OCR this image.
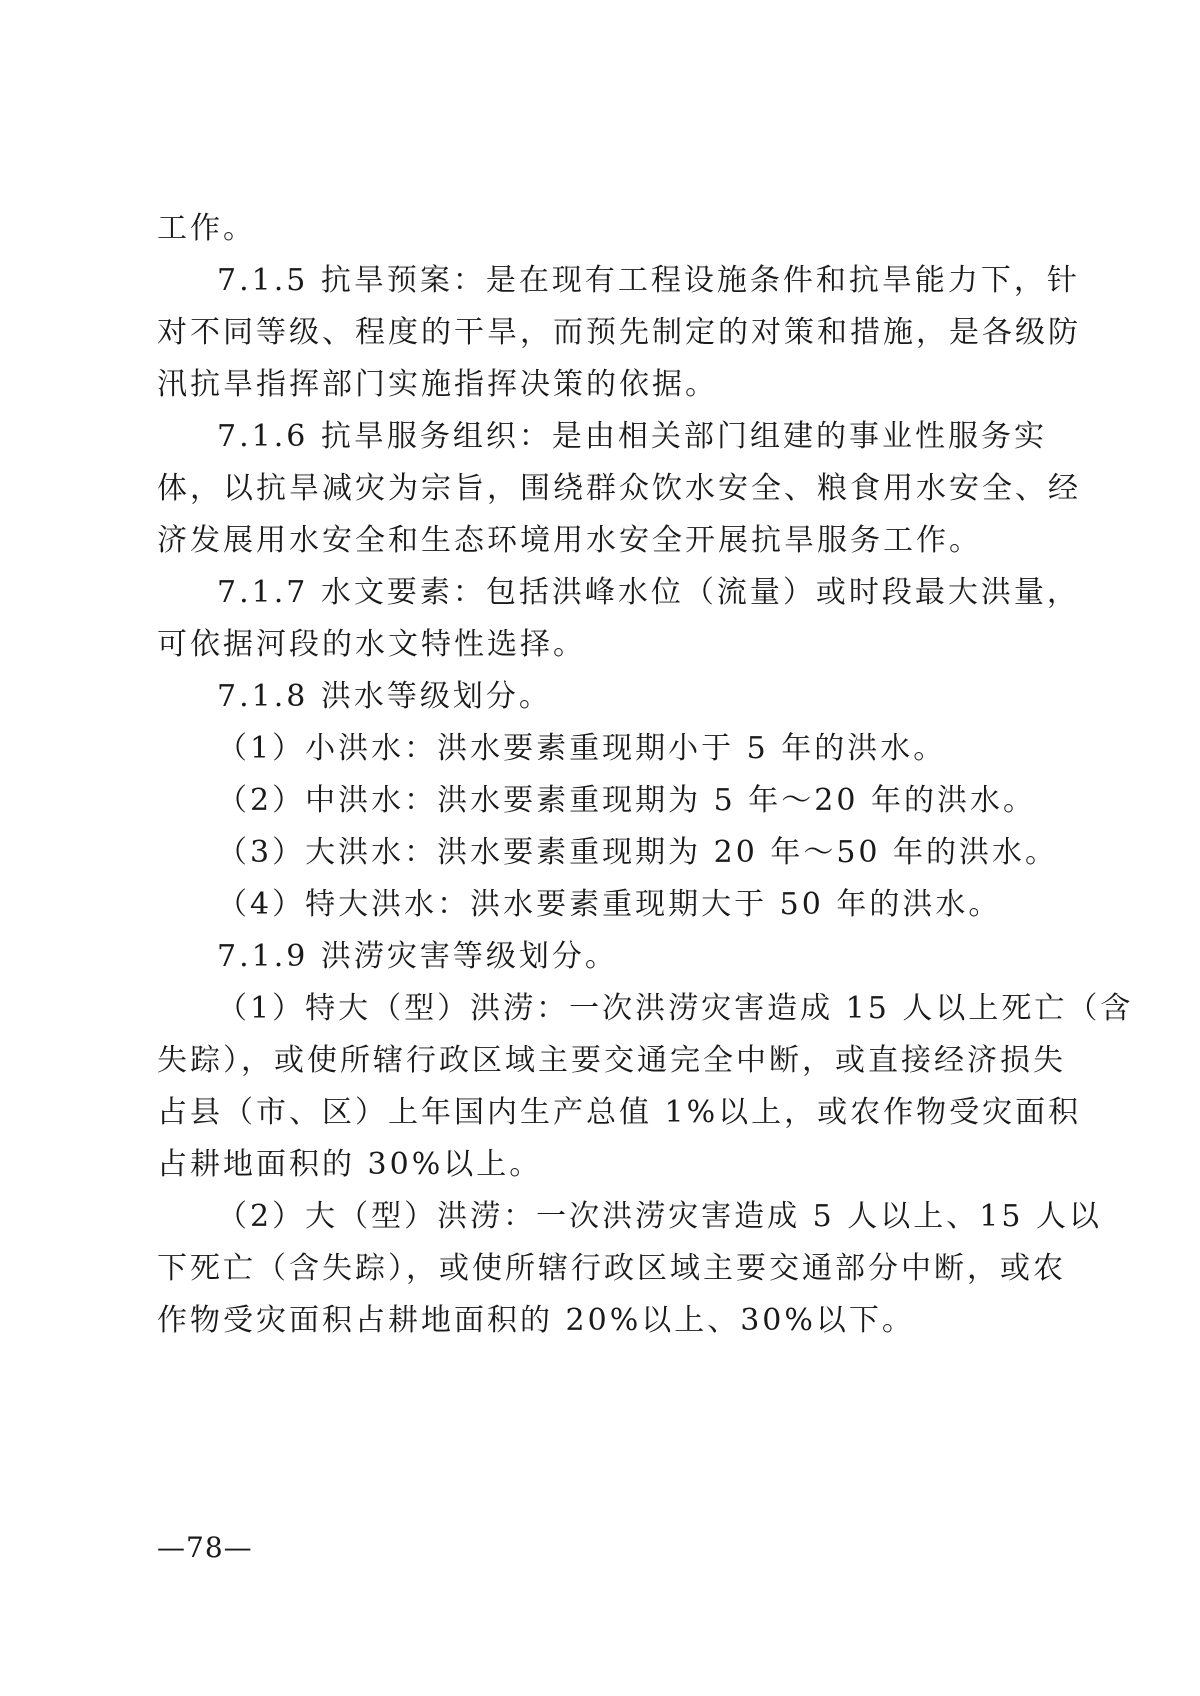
工作。
7.1.5 抗旱预案：是在现有工程设施条件和抗旱能力下，针
对不同等级、程度的干旱，而预先制定的对策和措施，是各级防
汛抗旱指挥部门实施指挥决策的依据。
7.1.6 抗旱服务组织：是由相关部门组建的事业性服务实
体，以抗旱减灾为宗旨，围绕群众饮水安全、粮食用水安全、经
济发展用水安全和生态环境用水安全开展抗旱服务工作。
7.1.7 水文要素：包括洪峰水位（流量）或时段最大洪量，
可依据河段的水文特性选择。
7.1.8 洪水等级划分。
（1）小洪水：洪水要素重现期小于 5 年的洪水。
（2）中洪水：洪水要素重现期为 5 年～20 年的洪水。
（3）大洪水：洪水要素重现期为 20 年～50 年的洪水。
（4）特大洪水：洪水要素重现期大于 50 年的洪水。
7.1.9 洪涝灾害等级划分。
（1）特大（型）洪涝：一次洪涝灾害造成 15 人以上死亡（含
失踪），或使所辖行政区域主要交通完全中断，或直接经济损失
占县（市、区）上年国内生产总值 1%以上，或农作物受灾面积
占耕地面积的 30%以上。
（2）大（型）洪涝：一次洪涝灾害造成 5 人以上、15 人以
下死亡（含失踪），或使所辖行政区域主要交通部分中断，或农
作物受灾面积占耕地面积的 20%以上、30%以下。
—78—
